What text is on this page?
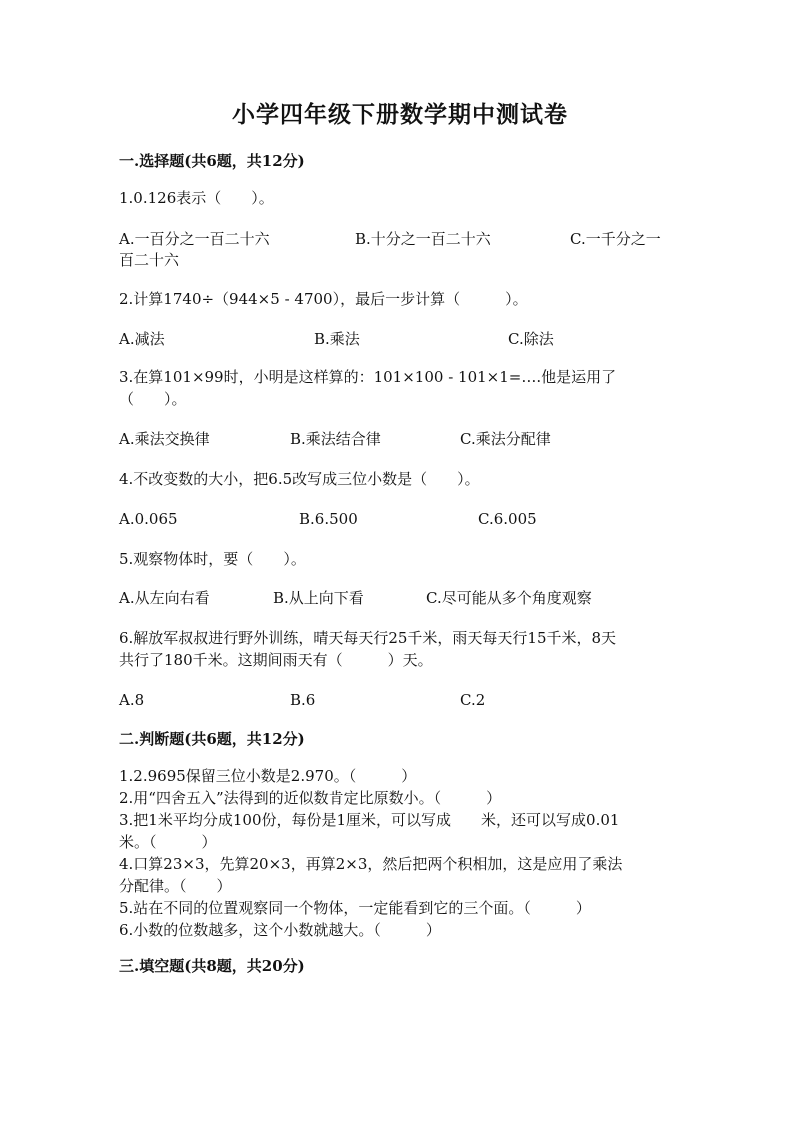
小学四年级下册数学期中测试卷
一.选择题(共6题，共12分)
1.0.126表示（　　）。
A.一百分之一百二十六	B.十分之一百二十六	C.一千分之一
百二十六
2.计算1740÷（944×5 - 4700），最后一步计算（　　　）。
A.减法	B.乘法	C.除法
3.在算101×99时，小明是这样算的：101×100 - 101×1=….他是运用了
（　　）。
A.乘法交换律	B.乘法结合律	C.乘法分配律
4.不改变数的大小，把6.5改写成三位小数是（　　）。
A.0.065	B.6.500	C.6.005
5.观察物体时，要（　　）。
A.从左向右看	B.从上向下看	C.尽可能从多个角度观察
6.解放军叔叔进行野外训练，晴天每天行25千米，雨天每天行15千米，8天
共行了180千米。这期间雨天有（　　　）天。
A.8	B.6	C.2
二.判断题(共6题，共12分)
1.2.9695保留三位小数是2.970。（　　　）
2.用“四舍五入”法得到的近似数肯定比原数小。（　　　）
3.把1米平均分成100份，每份是1厘米，可以写成　　米，还可以写成0.01
米。（　　　）
4.口算23×3，先算20×3，再算2×3，然后把两个积相加，这是应用了乘法
分配律。（　　）
5.站在不同的位置观察同一个物体，一定能看到它的三个面。（　　　）
6.小数的位数越多，这个小数就越大。（　　　）
三.填空题(共8题，共20分)
